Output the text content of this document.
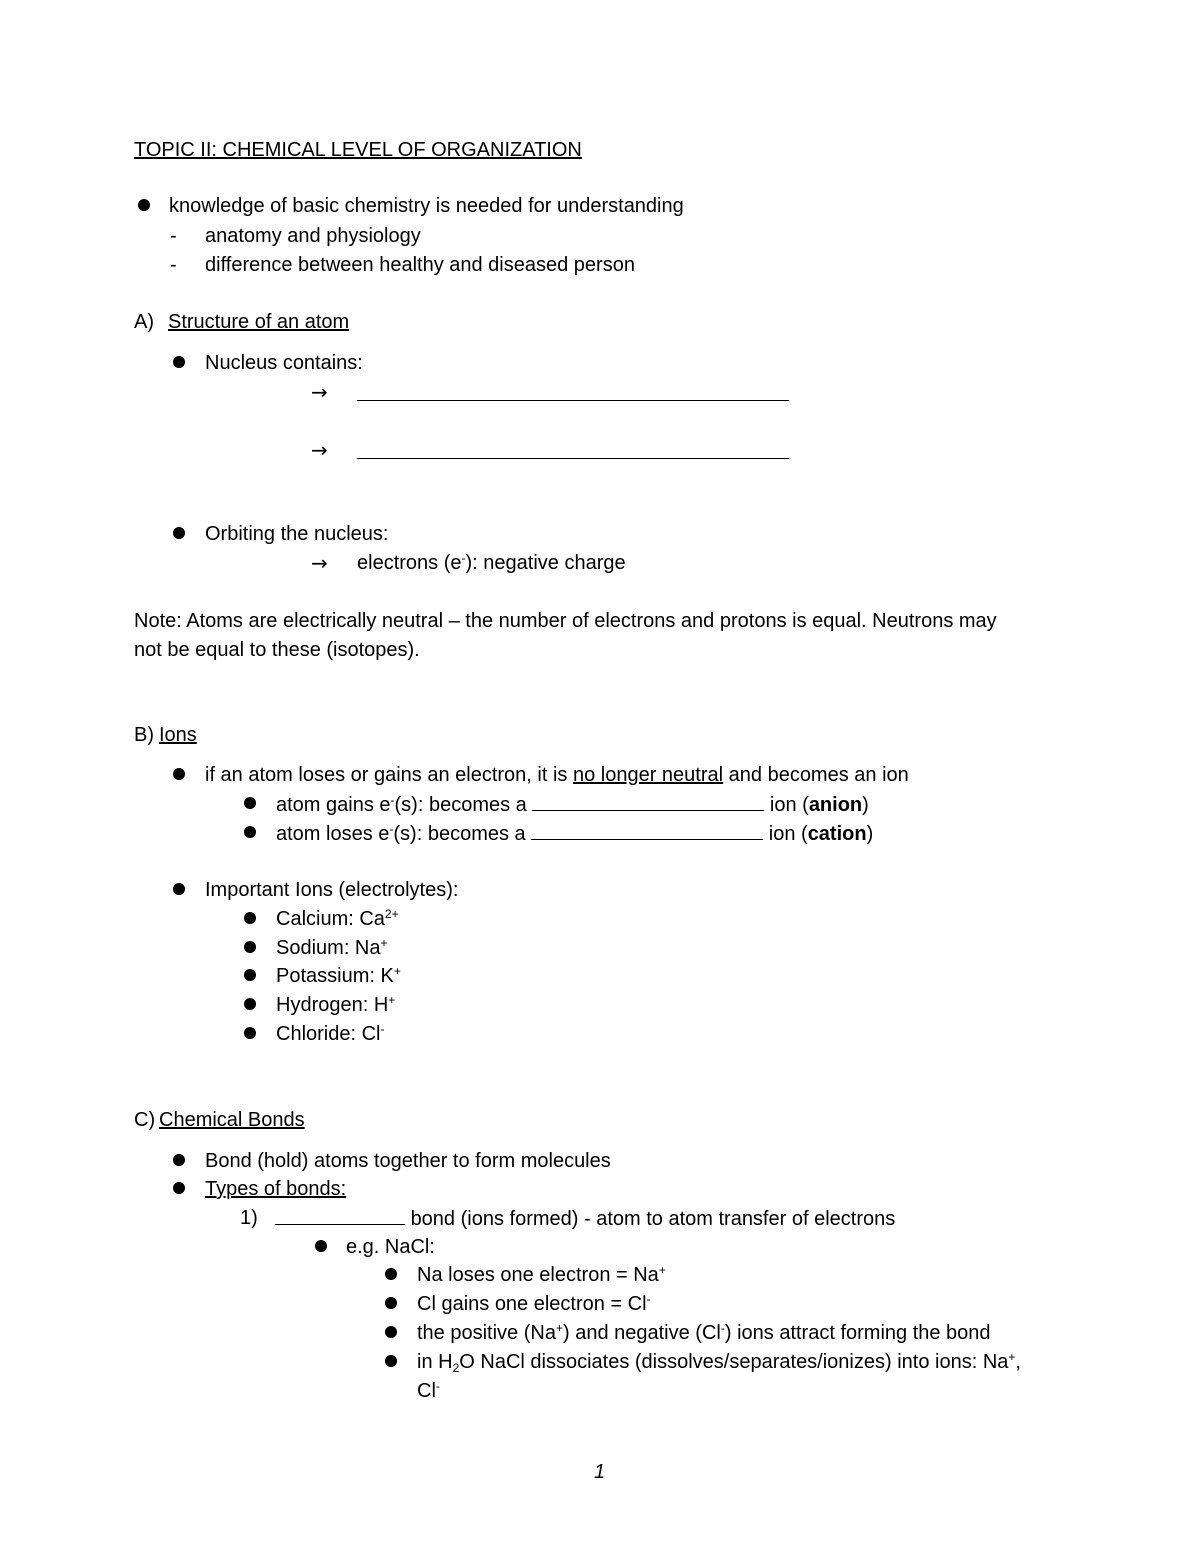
TOPIC II: CHEMICAL LEVEL OF ORGANIZATION
knowledge of basic chemistry is needed for understanding
- anatomy and physiology
- difference between healthy and diseased person
A) Structure of an atom
Nucleus contains:
→
→
Orbiting the nucleus:
→ electrons (e-): negative charge
Note: Atoms are electrically neutral – the number of electrons and protons is equal. Neutrons may
not be equal to these (isotopes).
B) Ions
if an atom loses or gains an electron, it is no longer neutral and becomes an ion
atom gains e-(s): becomes a	ion (anion)
atom loses e-(s): becomes a	ion (cation)
Important Ions (electrolytes):
Calcium: $Ca^{2+}$
Sodium: Na+
Potassium: K+
Hydrogen: H+
Chloride: Cl-
C) Chemical Bonds
Bond (hold) atoms together to form molecules
Types of bonds:
1)	bond (ions formed) - atom to atom transfer of electrons
e.g. NaCl:
Na loses one electron = Na+
Cl gains one electron = Cl-
the positive (Na+) and negative (Cl-) ions attract forming the bond
in $H_2O$ NaCl dissociates (dissolves/separates/ionizes) into ions: Na+,
Cl-
1
